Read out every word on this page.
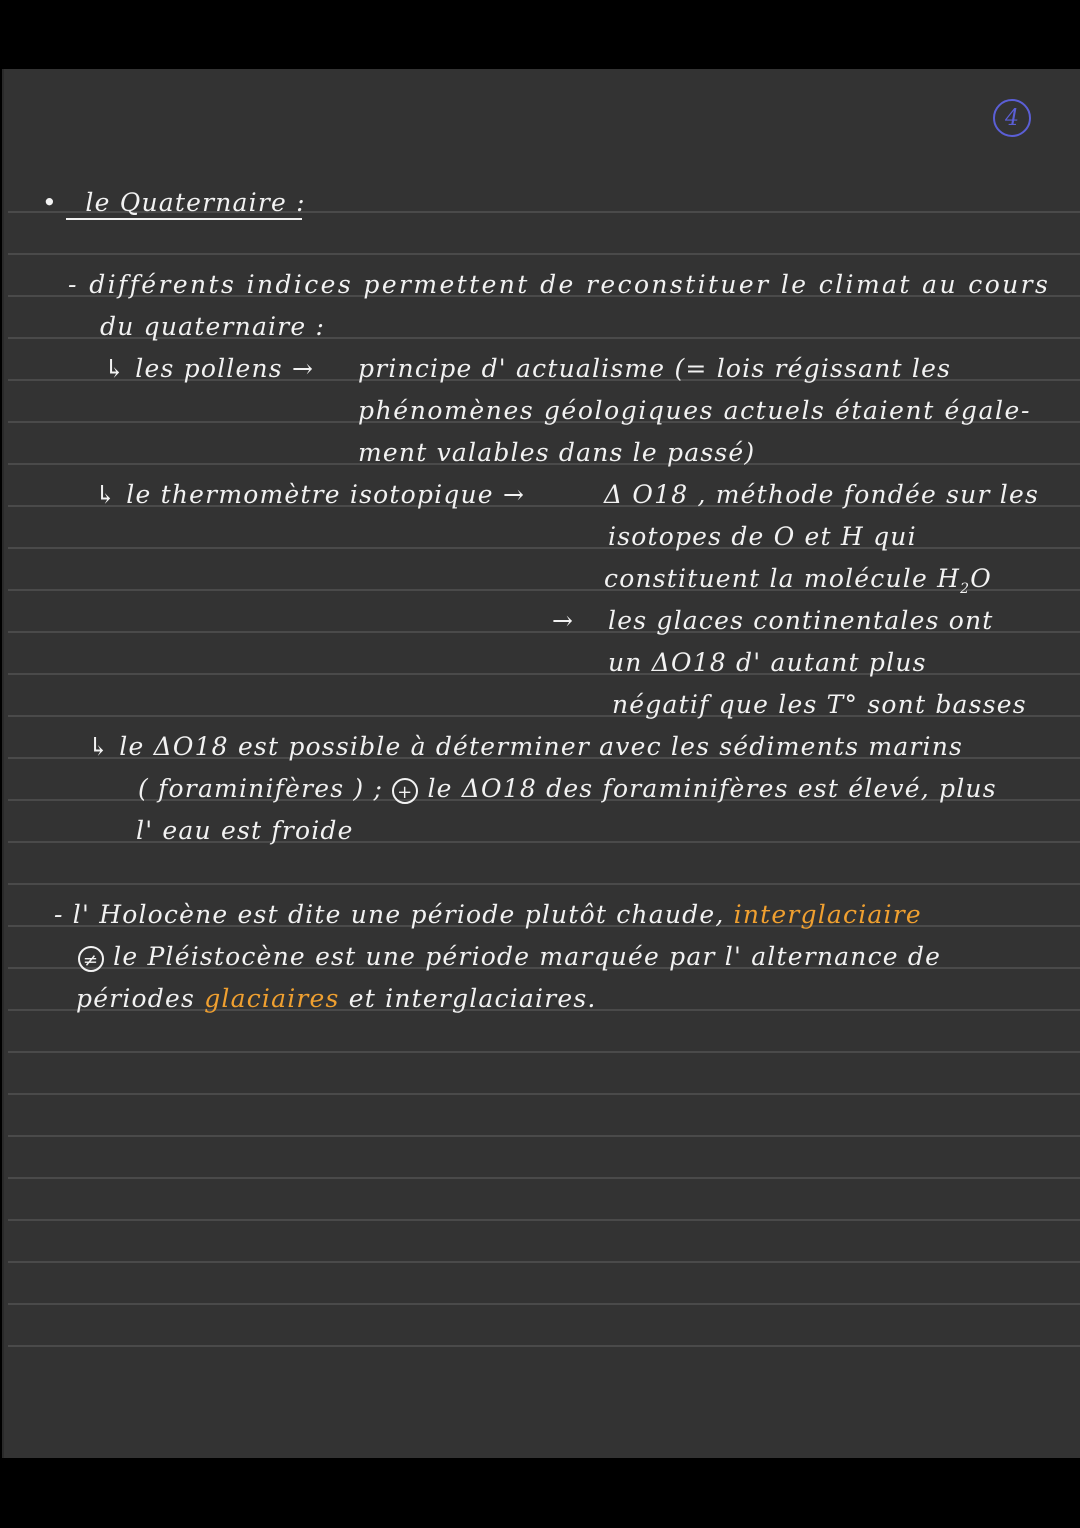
4
• le Quaternaire :
- différents indices permettent de reconstituer le climat au cours
du quaternaire :
↳ les pollens → principe d' actualisme (= lois régissant les
phénomènes géologiques actuels étaient égale-
ment valables dans le passé)
↳ le thermomètre isotopique →	Δ O18 , méthode fondée sur les
isotopes de O et H qui
constituent la molécule $H_2O$
→ les glaces continentales ont
un ΔO18 d' autant plus
négatif que les T° sont basses
↳ le ΔO18 est possible à déterminer avec les sédiments marins
( foraminifères ) ; + le ΔO18 des foraminifères est élevé, plus
l' eau est froide
- l' Holocène est dite une période plutôt chaude, interglaciaire
≠ le Pléistocène est une période marquée par l' alternance de
périodes glaciaires et interglaciaires.
